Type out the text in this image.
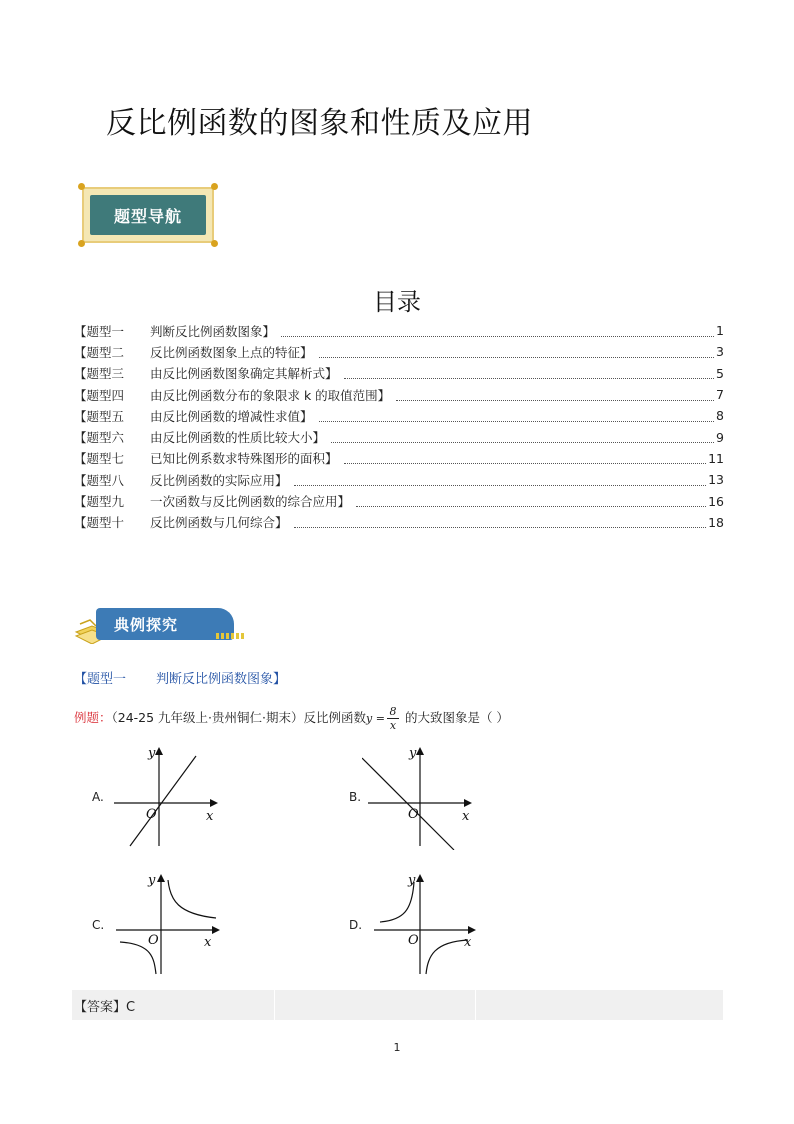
反比例函数的图象和性质及应用
题型导航
目录
【题型一 判断反比例函数图象】	1
【题型二 反比例函数图象上点的特征】	3
【题型三 由反比例函数图象确定其解析式】	5
【题型四 由反比例函数分布的象限求 k 的取值范围】	7
【题型五 由反比例函数的增减性求值】	8
【题型六 由反比例函数的性质比较大小】	9
【题型七 已知比例系数求特殊图形的面积】	11
【题型八 反比例函数的实际应用】	13
【题型九 一次函数与反比例函数的综合应用】	16
【题型十 反比例函数与几何综合】	18
典例探究
【题型一 判断反比例函数图象】
例题：（24-25 九年级上·贵州铜仁·期末）反比例函数$y = \frac{8}{x}$ 的大致图象是（ ）
A.
y
x
O
B.
y
x
O
C.
y
x
O
D.
y
x
O
【答案】C
1
